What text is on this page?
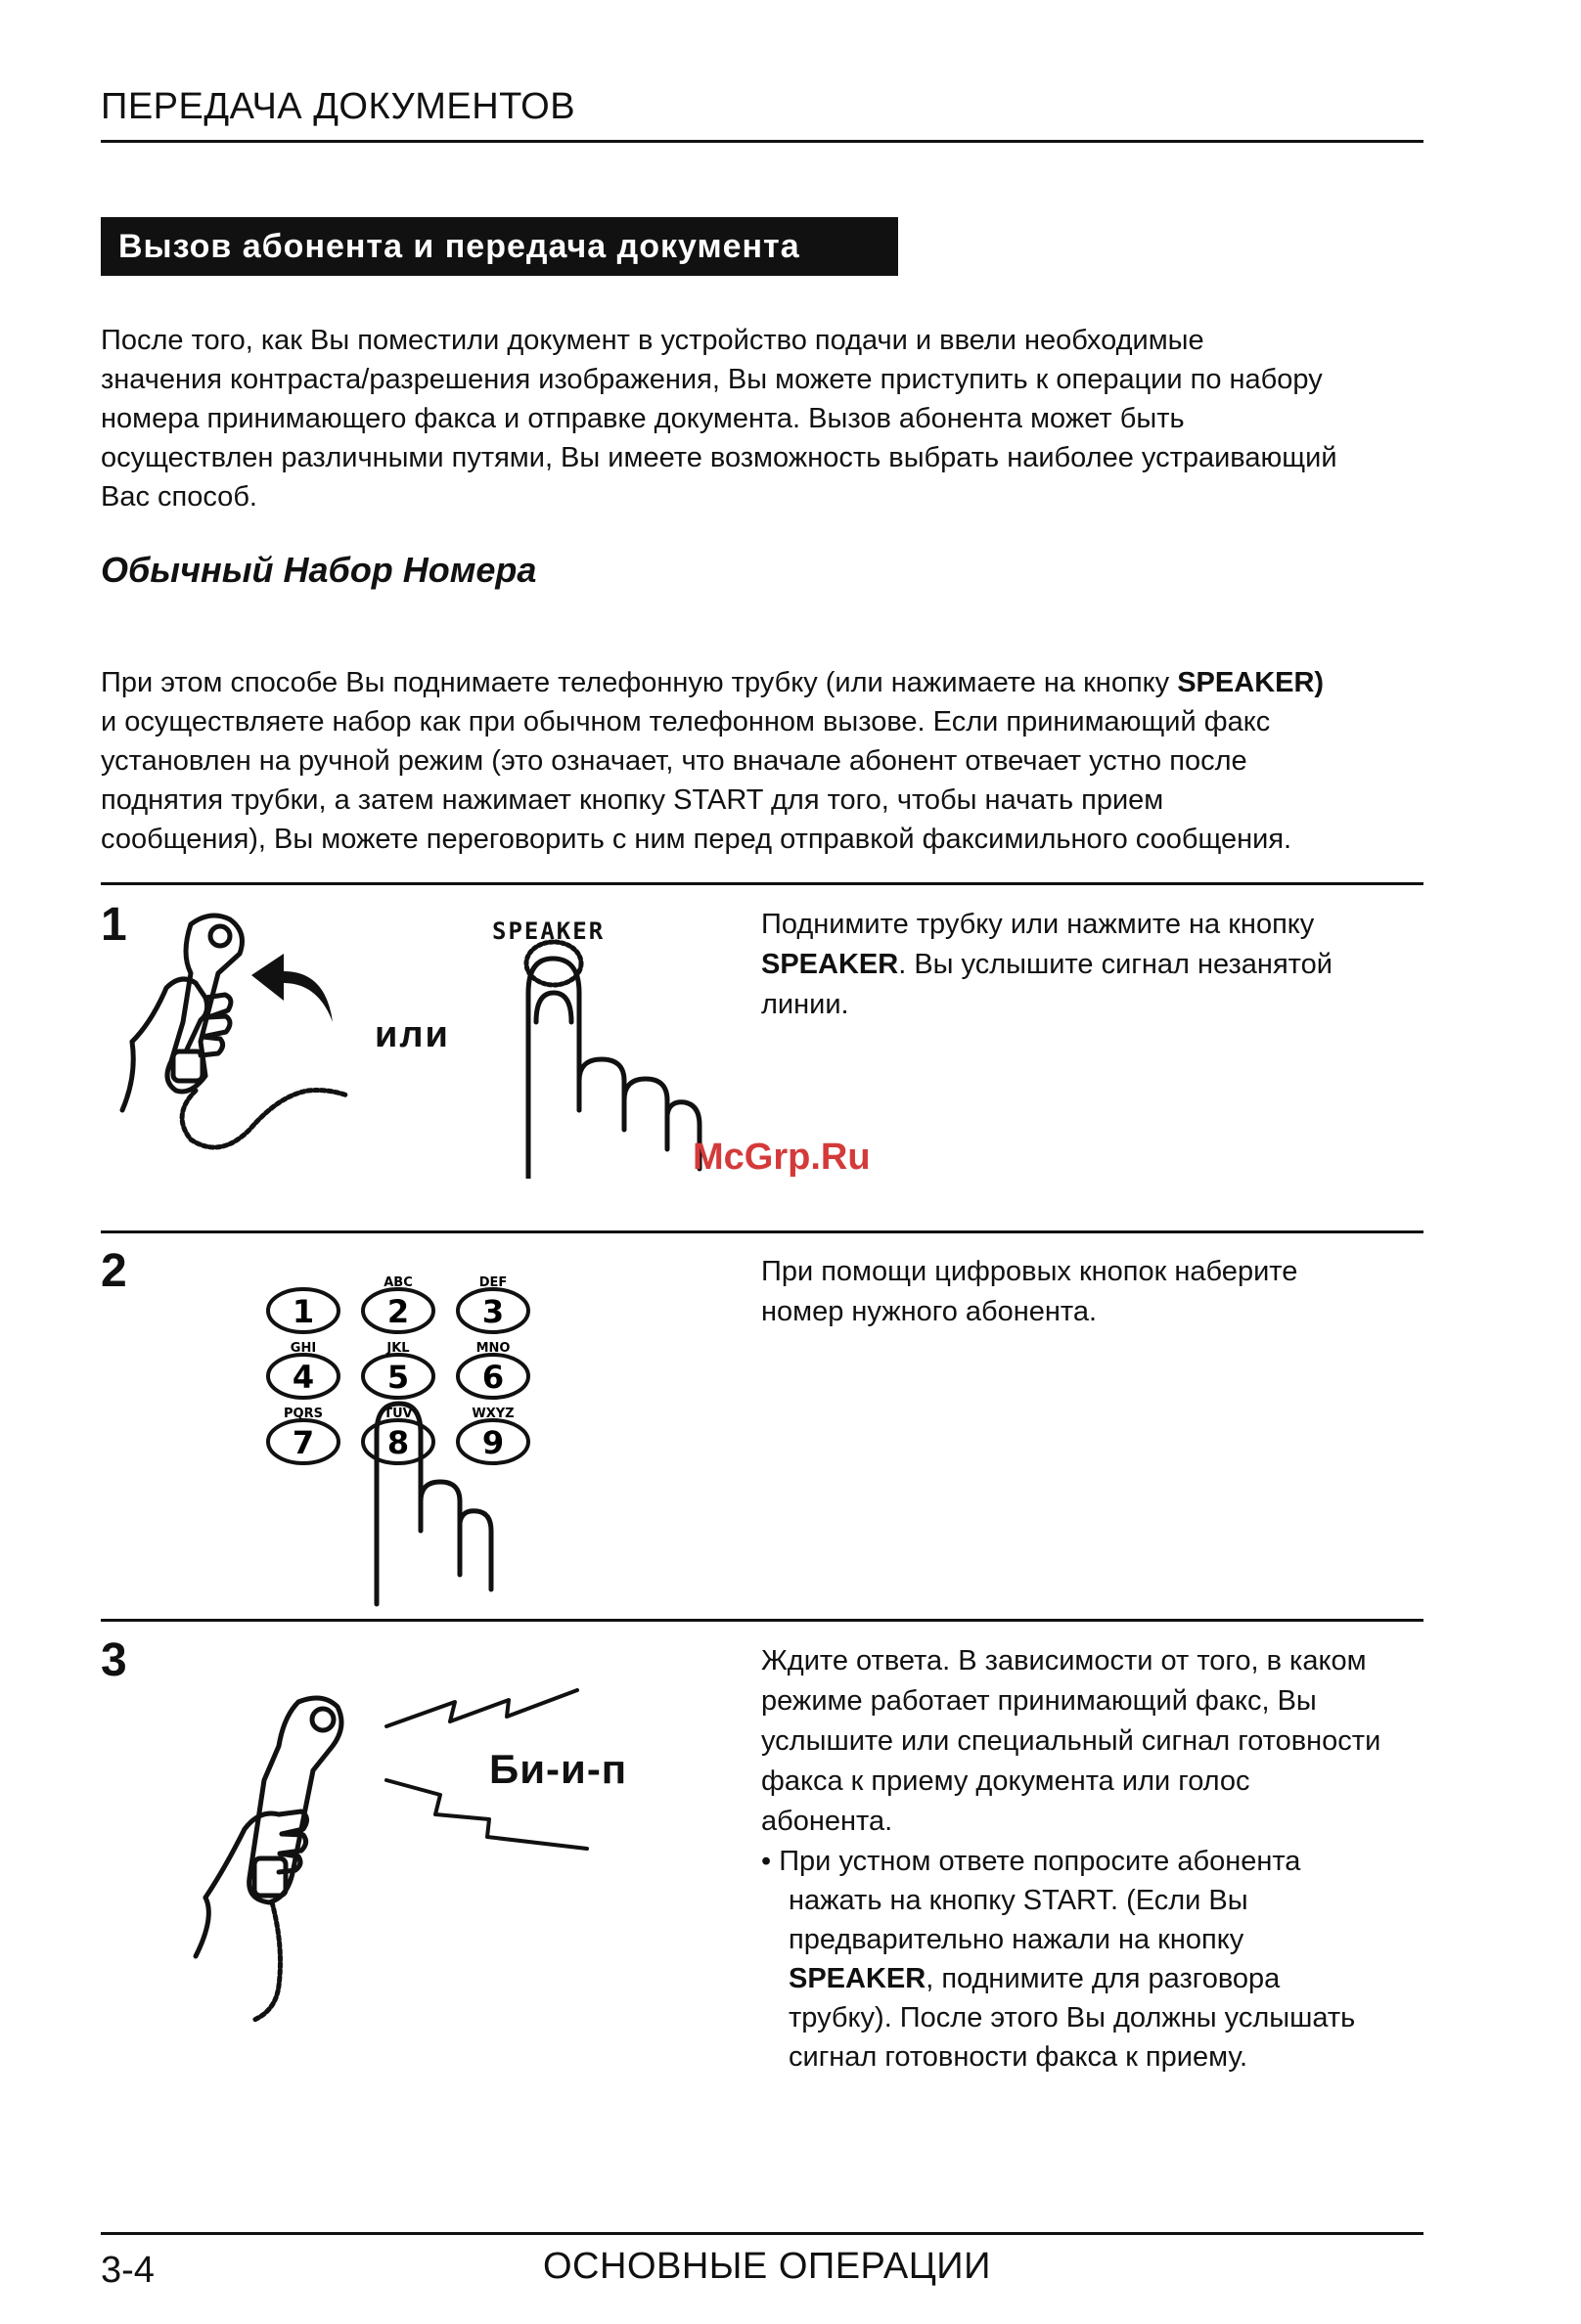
ПЕРЕДАЧА ДОКУМЕНТОВ
Вызов абонента и передача документа
После того, как Вы поместили документ в устройство подачи и ввели необходимые
значения контраста/разрешения изображения, Вы можете приступить к операции по набору
номера принимающего факса и отправке документа. Вызов абонента может быть
осуществлен различными путями, Вы имеете возможность выбрать наиболее устраивающий
Вас способ.
Обычный Набор Номера
При этом способе Вы поднимаете телефонную трубку (или нажимаете на кнопку SPEAKER)
и осуществляете набор как при обычном телефонном вызове. Если принимающий факс
установлен на ручной режим (это означает, что вначале абонент отвечает устно после
поднятия трубки, а затем нажимает кнопку START для того, чтобы начать прием
сообщения), Вы можете переговорить с ним перед отправкой факсимильного сообщения.
1
или
SPEAKER	Поднимите трубку или нажмите на кнопку
SPEAKER. Вы услышите сигнал незанятой
линии.
McGrp.Ru
2
1 2
ABC
3
DEF
4
GHI
5
JKL
6
MNO
7
PQRS
8
TUV
9
WXYZ
При помощи цифровых кнопок наберите
номер нужного абонента.
3
Би-и-п
Ждите ответа. В зависимости от того, в каком
режиме работает принимающий факс, Вы
услышите или специальный сигнал готовности
факса к приему документа или голос
абонента.
• При устном ответе попросите абонента
нажать на кнопку START. (Если Вы
предварительно нажали на кнопку
SPEAKER, поднимите для разговора
трубку). После этого Вы должны услышать
сигнал готовности факса к приему.
3-4	ОСНОВНЫЕ ОПЕРАЦИИ
